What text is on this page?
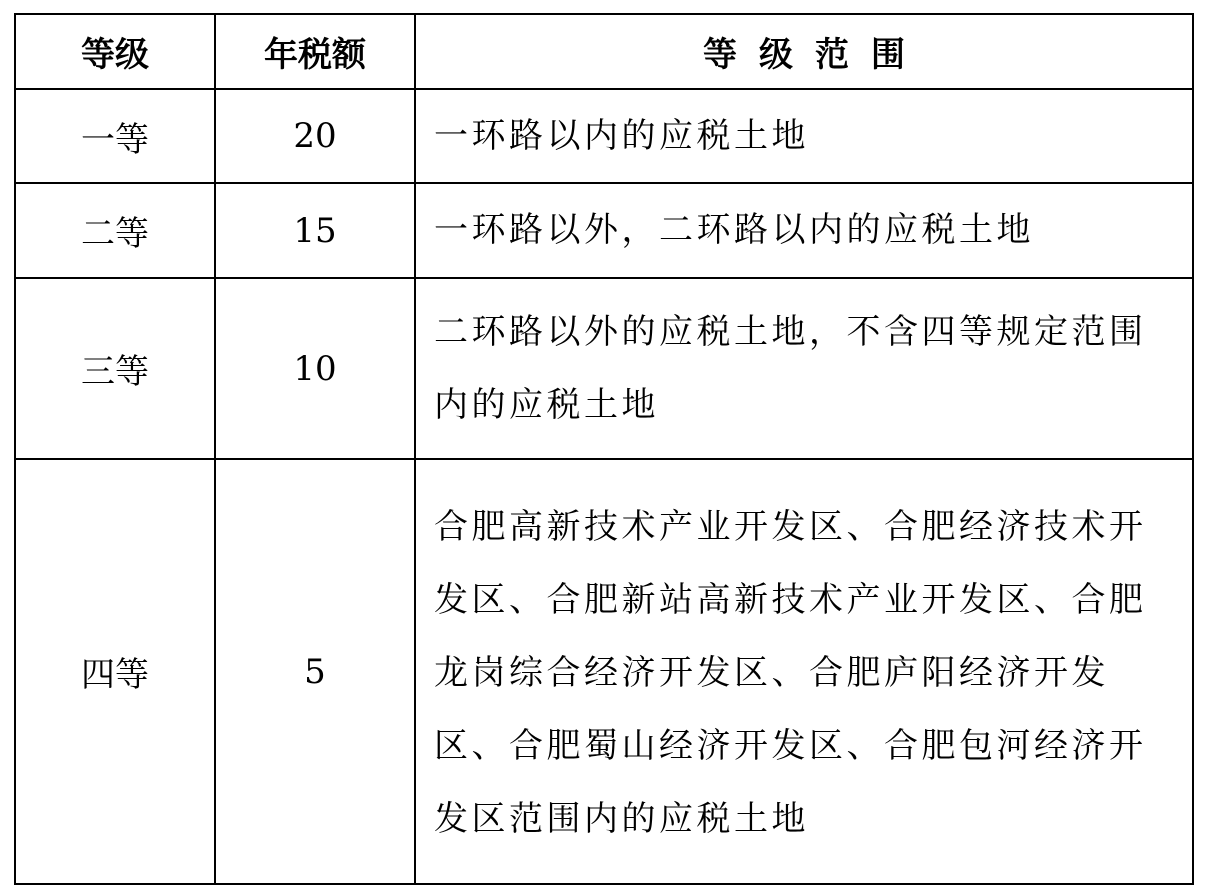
等级	年税额	等级范围
一等	20	一环路以内的应税土地
二等	15	一环路以外，二环路以内的应税土地
三等	10	二环路以外的应税土地，不含四等规定范围内的应税土地
四等	5	合肥高新技术产业开发区、合肥经济技术开发区、合肥新站高新技术产业开发区、合肥龙岗综合经济开发区、合肥庐阳经济开发区、合肥蜀山经济开发区、合肥包河经济开发区范围内的应税土地
